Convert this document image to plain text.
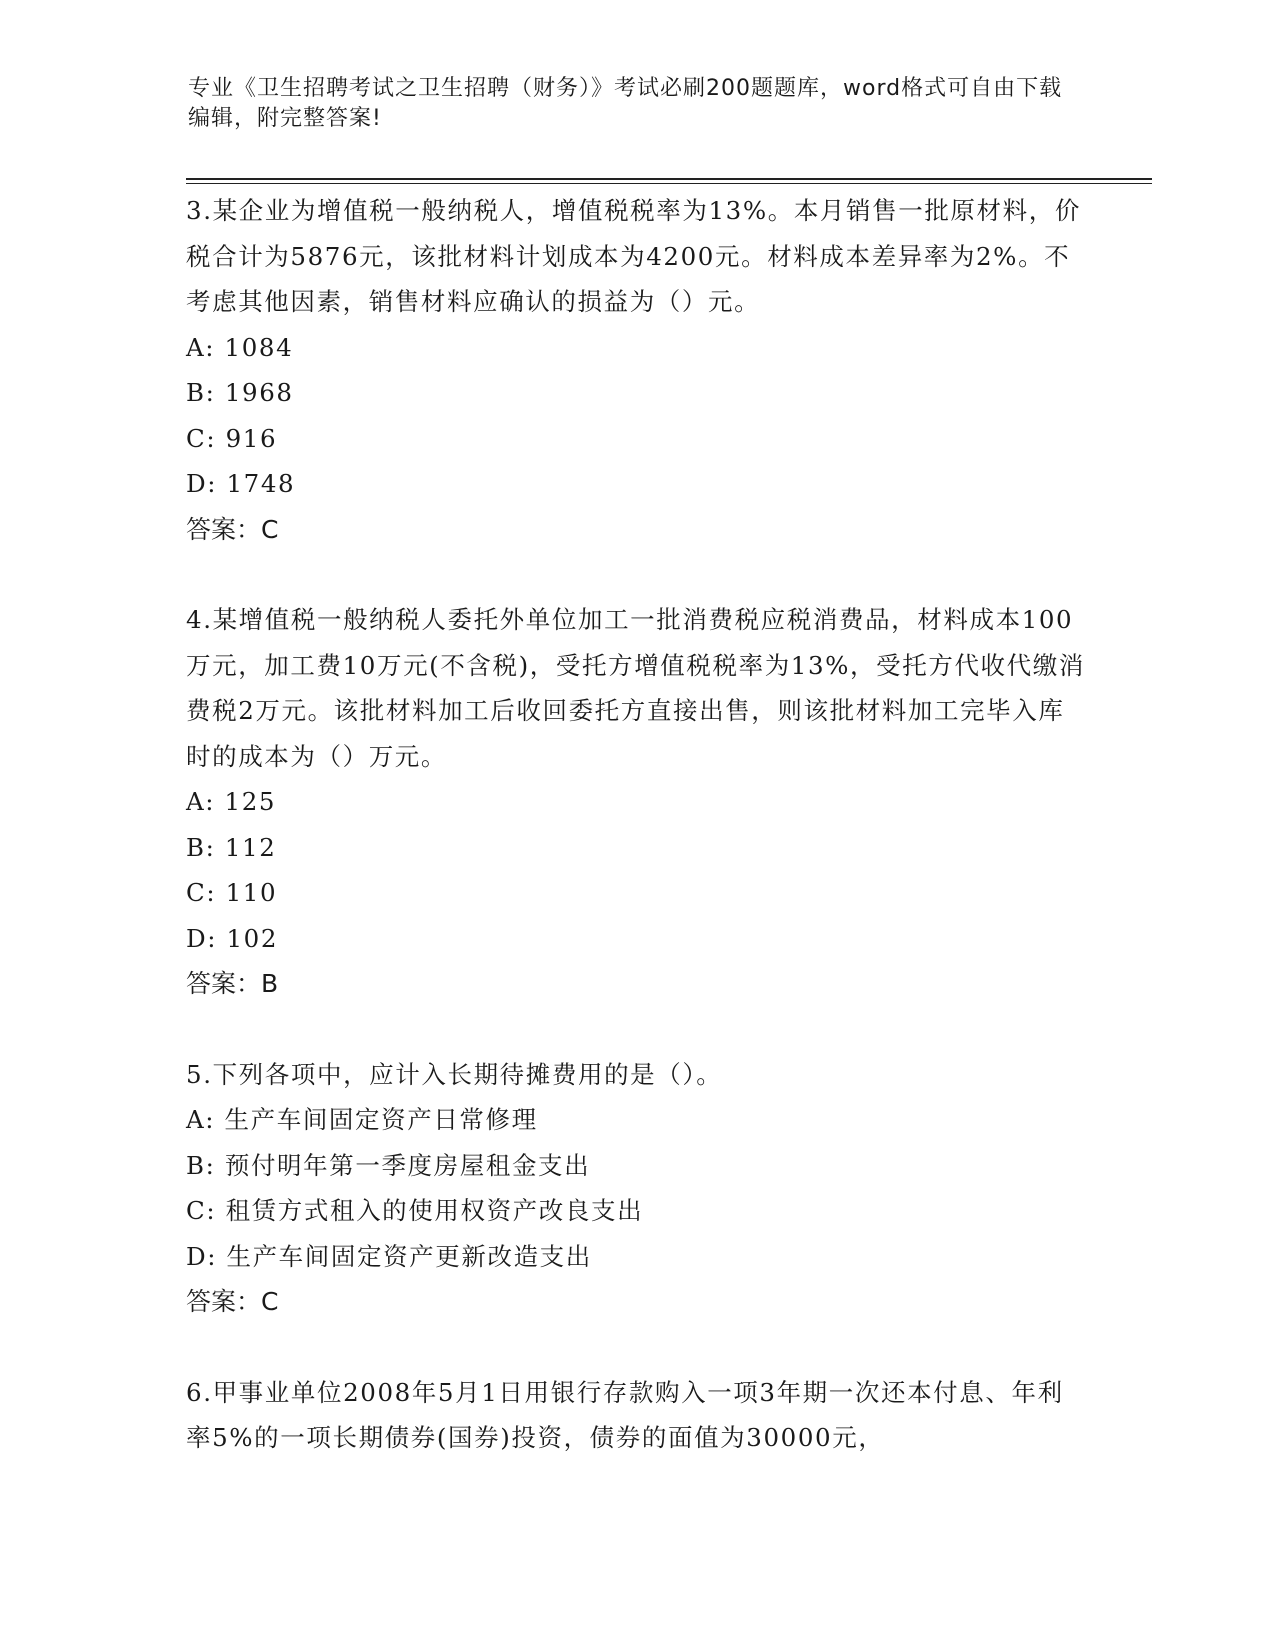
专业《卫生招聘考试之卫生招聘（财务）》考试必刷200题题库，word格式可自由下载编辑，附完整答案!

3.某企业为增值税一般纳税人，增值税税率为13%。本月销售一批原材料，价税合计为5876元，该批材料计划成本为4200元。材料成本差异率为2%。不考虑其他因素，销售材料应确认的损益为（）元。

A: 1084

B: 1968

C: 916

D: 1748

答案：C

4.某增值税一般纳税人委托外单位加工一批消费税应税消费品，材料成本100万元，加工费10万元(不含税)，受托方增值税税率为13%，受托方代收代缴消费税2万元。该批材料加工后收回委托方直接出售，则该批材料加工完毕入库时的成本为（）万元。

A: 125

B: 112

C: 110

D: 102

答案：B

5.下列各项中，应计入长期待摊费用的是（）。

A: 生产车间固定资产日常修理

B: 预付明年第一季度房屋租金支出

C: 租赁方式租入的使用权资产改良支出

D: 生产车间固定资产更新改造支出

答案：C

6.甲事业单位2008年5月1日用银行存款购入一项3年期一次还本付息、年利率5%的一项长期债券(国券)投资，债券的面值为30000元，
